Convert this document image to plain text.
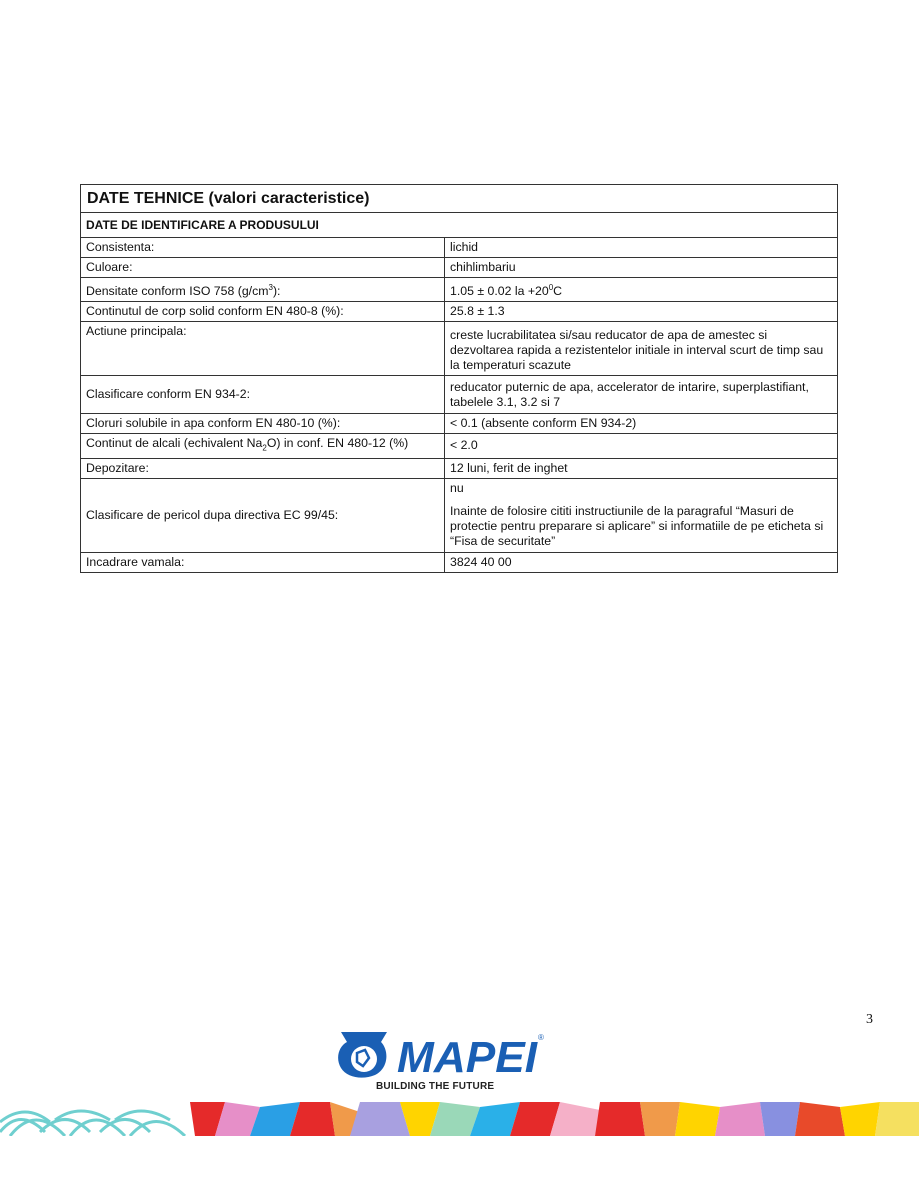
DATE TEHNICE (valori caracteristice)	
DATE DE IDENTIFICARE A PRODUSULUI	
Consistenta:	lichid
Culoare:	chihlimbariu
Densitate conform ISO 758 $(g/cm^3)$:	1.05 ± 0.02 la $+20^0C$
Continutul de corp solid conform EN 480-8 (%):	25.8 ± 1.3
Actiune principala:	creste lucrabilitatea si/sau reducator de apa de amestec si dezvoltarea rapida a rezistentelor initiale in interval scurt de timp sau la temperaturi scazute
Clasificare conform EN 934-2:	reducator puternic de apa, accelerator de intarire, superplastifiant, tabelele 3.1, 3.2 si 7
Cloruri solubile in apa conform EN 480-10 (%):	< 0.1 (absente conform EN 934-2)
Continut de alcali (echivalent $Na_2O$) in conf. EN 480-12 (%)	< 2.0
Depozitare:	12 luni, ferit de inghet
Clasificare de pericol dupa directiva EC 99/45:	nu
Inainte de folosire cititi instructiunile de la paragraful “Masuri de protectie pentru preparare si aplicare” si informatiile de pe eticheta si “Fisa de securitate”

Incadrare vamala:	3824 40 00
3
MAPEI ®
BUILDING THE FUTURE
